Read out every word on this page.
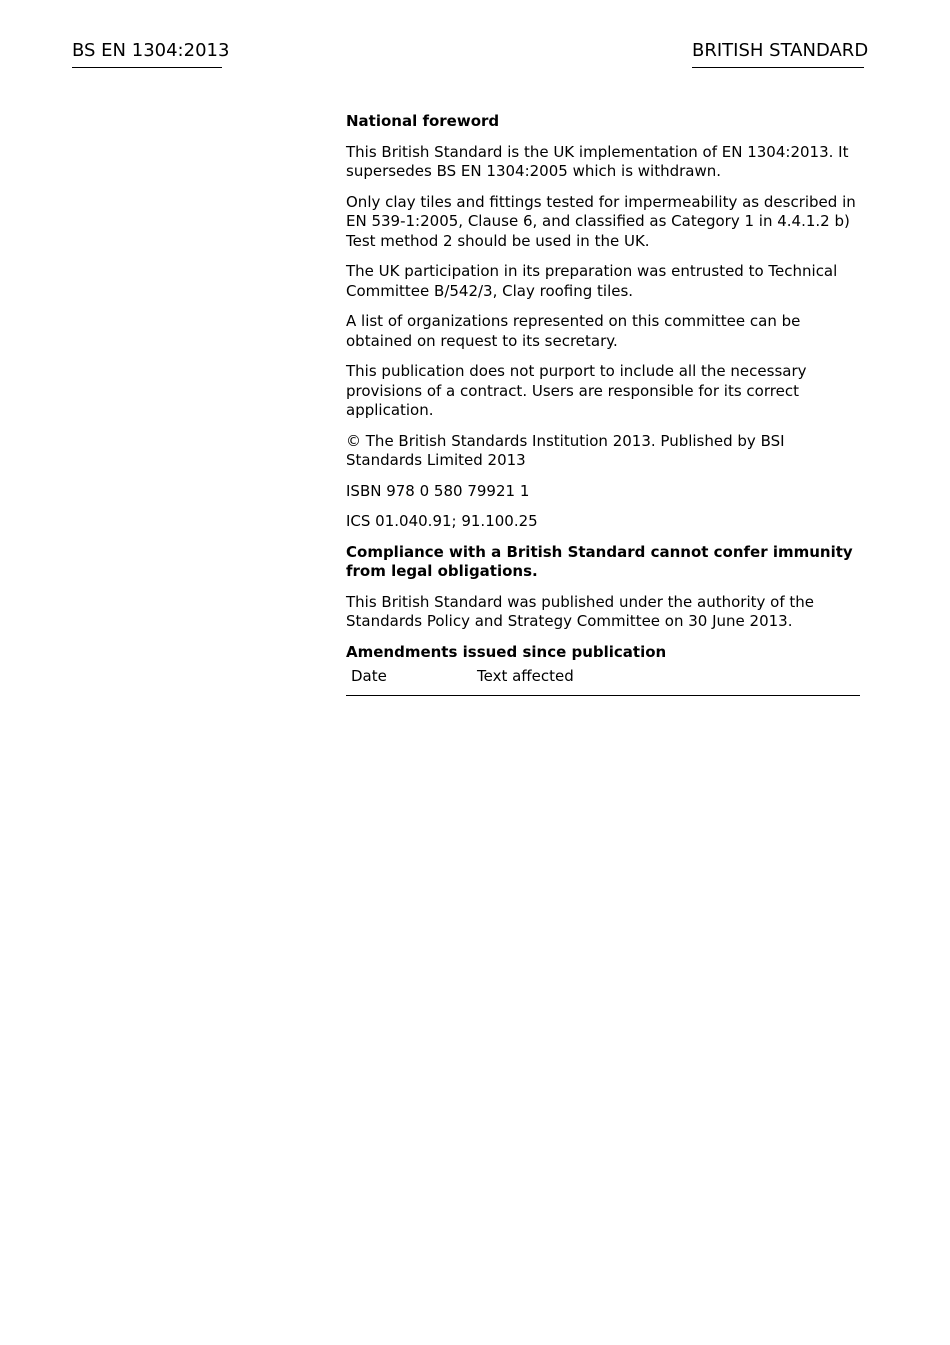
BS EN 1304:2013	BRITISH STANDARD

National foreword

This British Standard is the UK implementation of EN 1304:2013. It supersedes BS EN 1304:2005 which is withdrawn.

Only clay tiles and fittings tested for impermeability as described in EN 539-1:2005, Clause 6, and classified as Category 1 in 4.4.1.2 b) Test method 2 should be used in the UK.

The UK participation in its preparation was entrusted to Technical Committee B/542/3, Clay roofing tiles.

A list of organizations represented on this committee can be obtained on request to its secretary.

This publication does not purport to include all the necessary provisions of a contract. Users are responsible for its correct application.

© The British Standards Institution 2013. Published by BSI Standards Limited 2013

ISBN 978 0 580 79921 1

ICS 01.040.91; 91.100.25

Compliance with a British Standard cannot confer immunity from legal obligations.

This British Standard was published under the authority of the Standards Policy and Strategy Committee on 30 June 2013.

Amendments issued since publication
Date	Text affected
